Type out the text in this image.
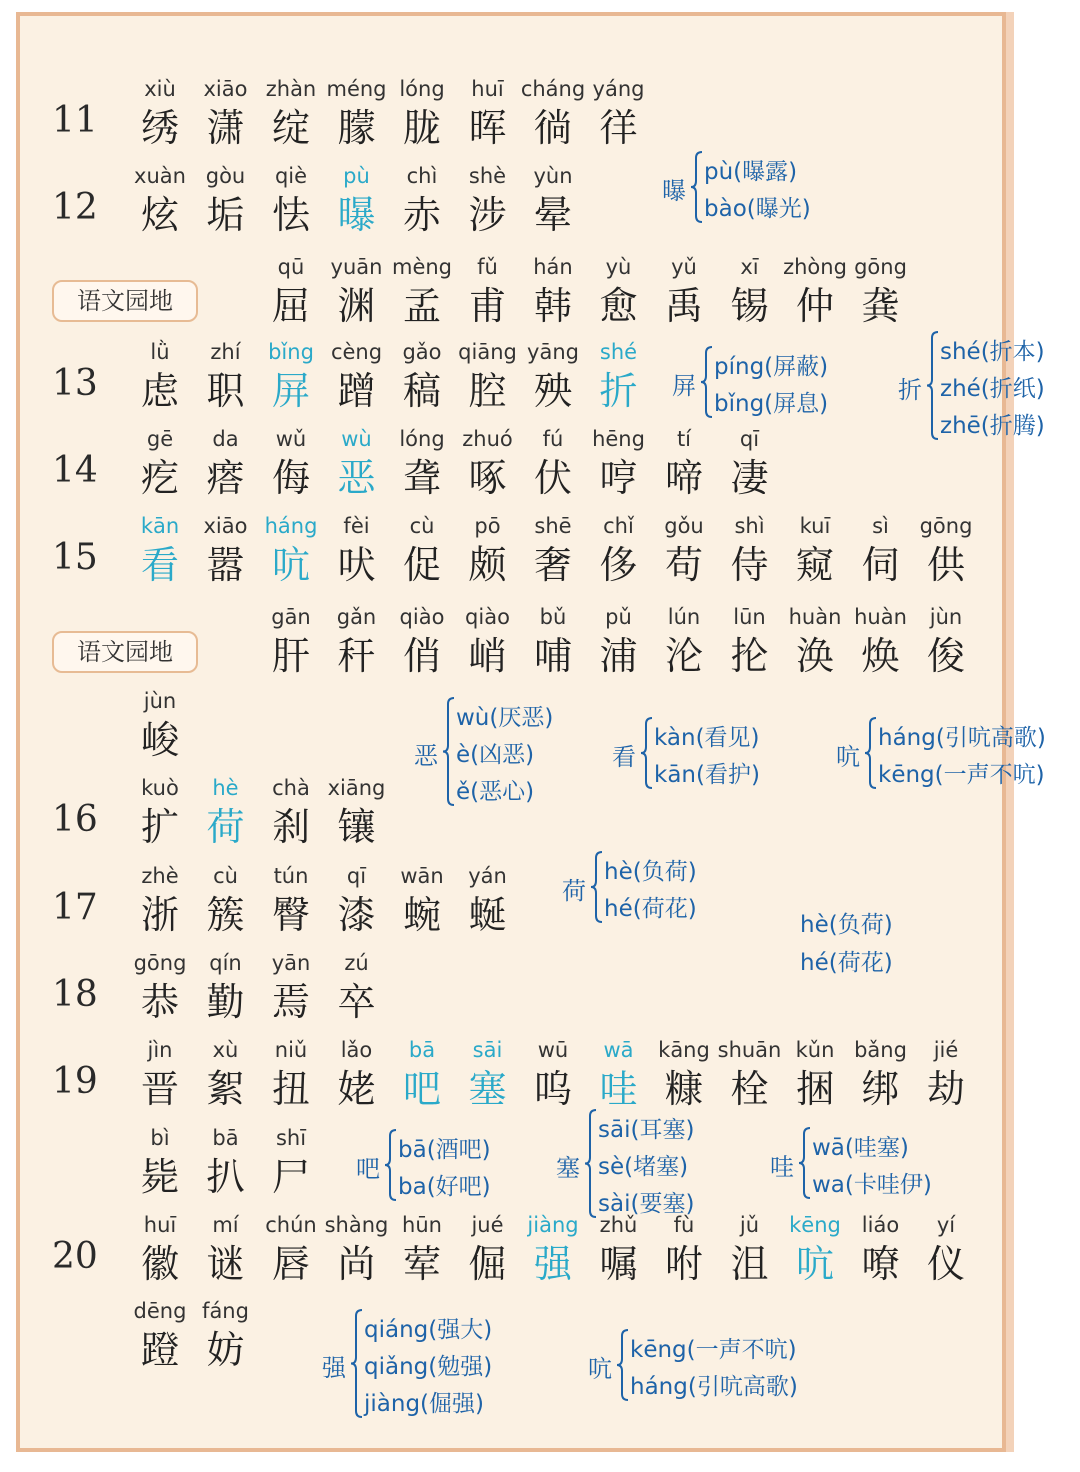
11
xiù
绣
xiāo
潇
zhàn
绽
méng
朦
lóng
胧
huī
晖
cháng
徜
yáng
徉
12
xuàn
炫
gòu
垢
qiè
怯
pù
曝
chì
赤
shè
涉
yùn
晕
qū
屈
yuān
渊
mèng
孟
fǔ
甫
hán
韩
yù
愈
yǔ
禹
xī
锡
zhòng
仲
gōng
龚
13
lǜ
虑
zhí
职
bǐng
屏
cèng
蹭
gǎo
稿
qiāng
腔
yāng
殃
shé
折
14
gē
疙
da
瘩
wǔ
侮
wù
恶
lóng
聋
zhuó
啄
fú
伏
hēng
哼
tí
啼
qī
凄
15
kān
看
xiāo
嚣
háng
吭
fèi
吠
cù
促
pō
颇
shē
奢
chǐ
侈
gǒu
苟
shì
侍
kuī
窥
sì
伺
gōng
供
gān
肝
gǎn
秆
qiào
俏
qiào
峭
bǔ
哺
pǔ
浦
lún
沦
lūn
抡
huàn
涣
huàn
焕
jùn
俊
jùn
峻
16
kuò
扩
hè
荷
chà
刹
xiāng
镶
17
zhè
浙
cù
簇
tún
臀
qī
漆
wān
蜿
yán
蜒
18
gōng
恭
qín
勤
yān
焉
zú
卒
19
jìn
晋
xù
絮
niǔ
扭
lǎo
姥
bā
吧
sāi
塞
wū
呜
wā
哇
kāng
糠
shuān
栓
kǔn
捆
bǎng
绑
jié
劫
bì
毙
bā
扒
shī
尸
20
huī
徽
mí
谜
chún
唇
shàng
尚
hūn
荤
jué
倔
jiàng
强
zhǔ
嘱
fù
咐
jǔ
沮
kēng
吭
liáo
嘹
yí
仪
dēng
蹬
fáng
妨
语文园地
语文园地
曝
pù(曝露)
bào(曝光)
屏
píng(屏蔽)
bǐng(屏息)
折
shé(折本)
zhé(折纸)
zhē(折腾)
恶
wù(厌恶)
è(凶恶)
ě(恶心)
看
kàn(看见)
kān(看护)
吭
háng(引吭高歌)
kēng(一声不吭)
荷
hè(负荷)
hé(荷花)
吧
bā(酒吧)
ba(好吧)
塞
sāi(耳塞)
sè(堵塞)
sài(要塞)
哇
wā(哇塞)
wa(卡哇伊)
强
qiáng(强大)
qiǎng(勉强)
jiàng(倔强)
吭
kēng(一声不吭)
háng(引吭高歌)
hè(负荷)
hé(荷花)
